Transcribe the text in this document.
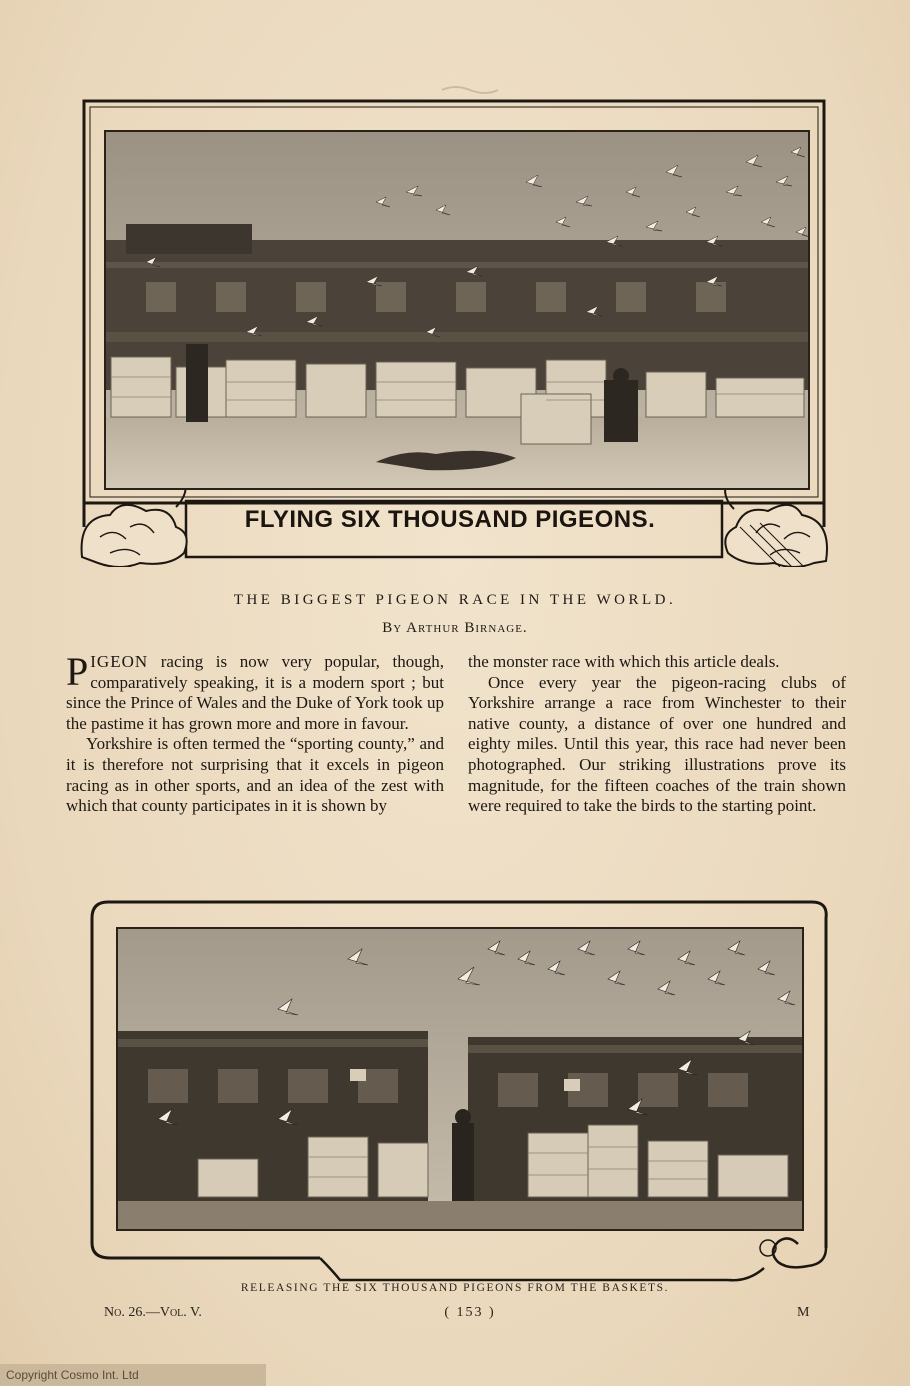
FLYING SIX THOUSAND PIGEONS.
THE BIGGEST PIGEON RACE IN THE WORLD.
By Arthur Birnage.

PIGEON racing is now very popular, though, comparatively speaking, it is a modern sport ; but since the Prince of Wales and the Duke of York took up the pastime it has grown more and more in favour.

Yorkshire is often termed the “sporting county,” and it is therefore not surprising that it excels in pigeon racing as in other sports, and an idea of the zest with which that county participates in it is shown by

the monster race with which this article deals.

Once every year the pigeon-racing clubs of Yorkshire arrange a race from Winchester to their native county, a distance of over one hundred and eighty miles. Until this year, this race had never been photographed. Our striking illustrations prove its magnitude, for the fifteen coaches of the train shown were required to take the birds to the starting point.

RELEASING THE SIX THOUSAND PIGEONS FROM THE BASKETS.
No. 26.—Vol. V.	( 153 )	M
Copyright Cosmo Int. Ltd
